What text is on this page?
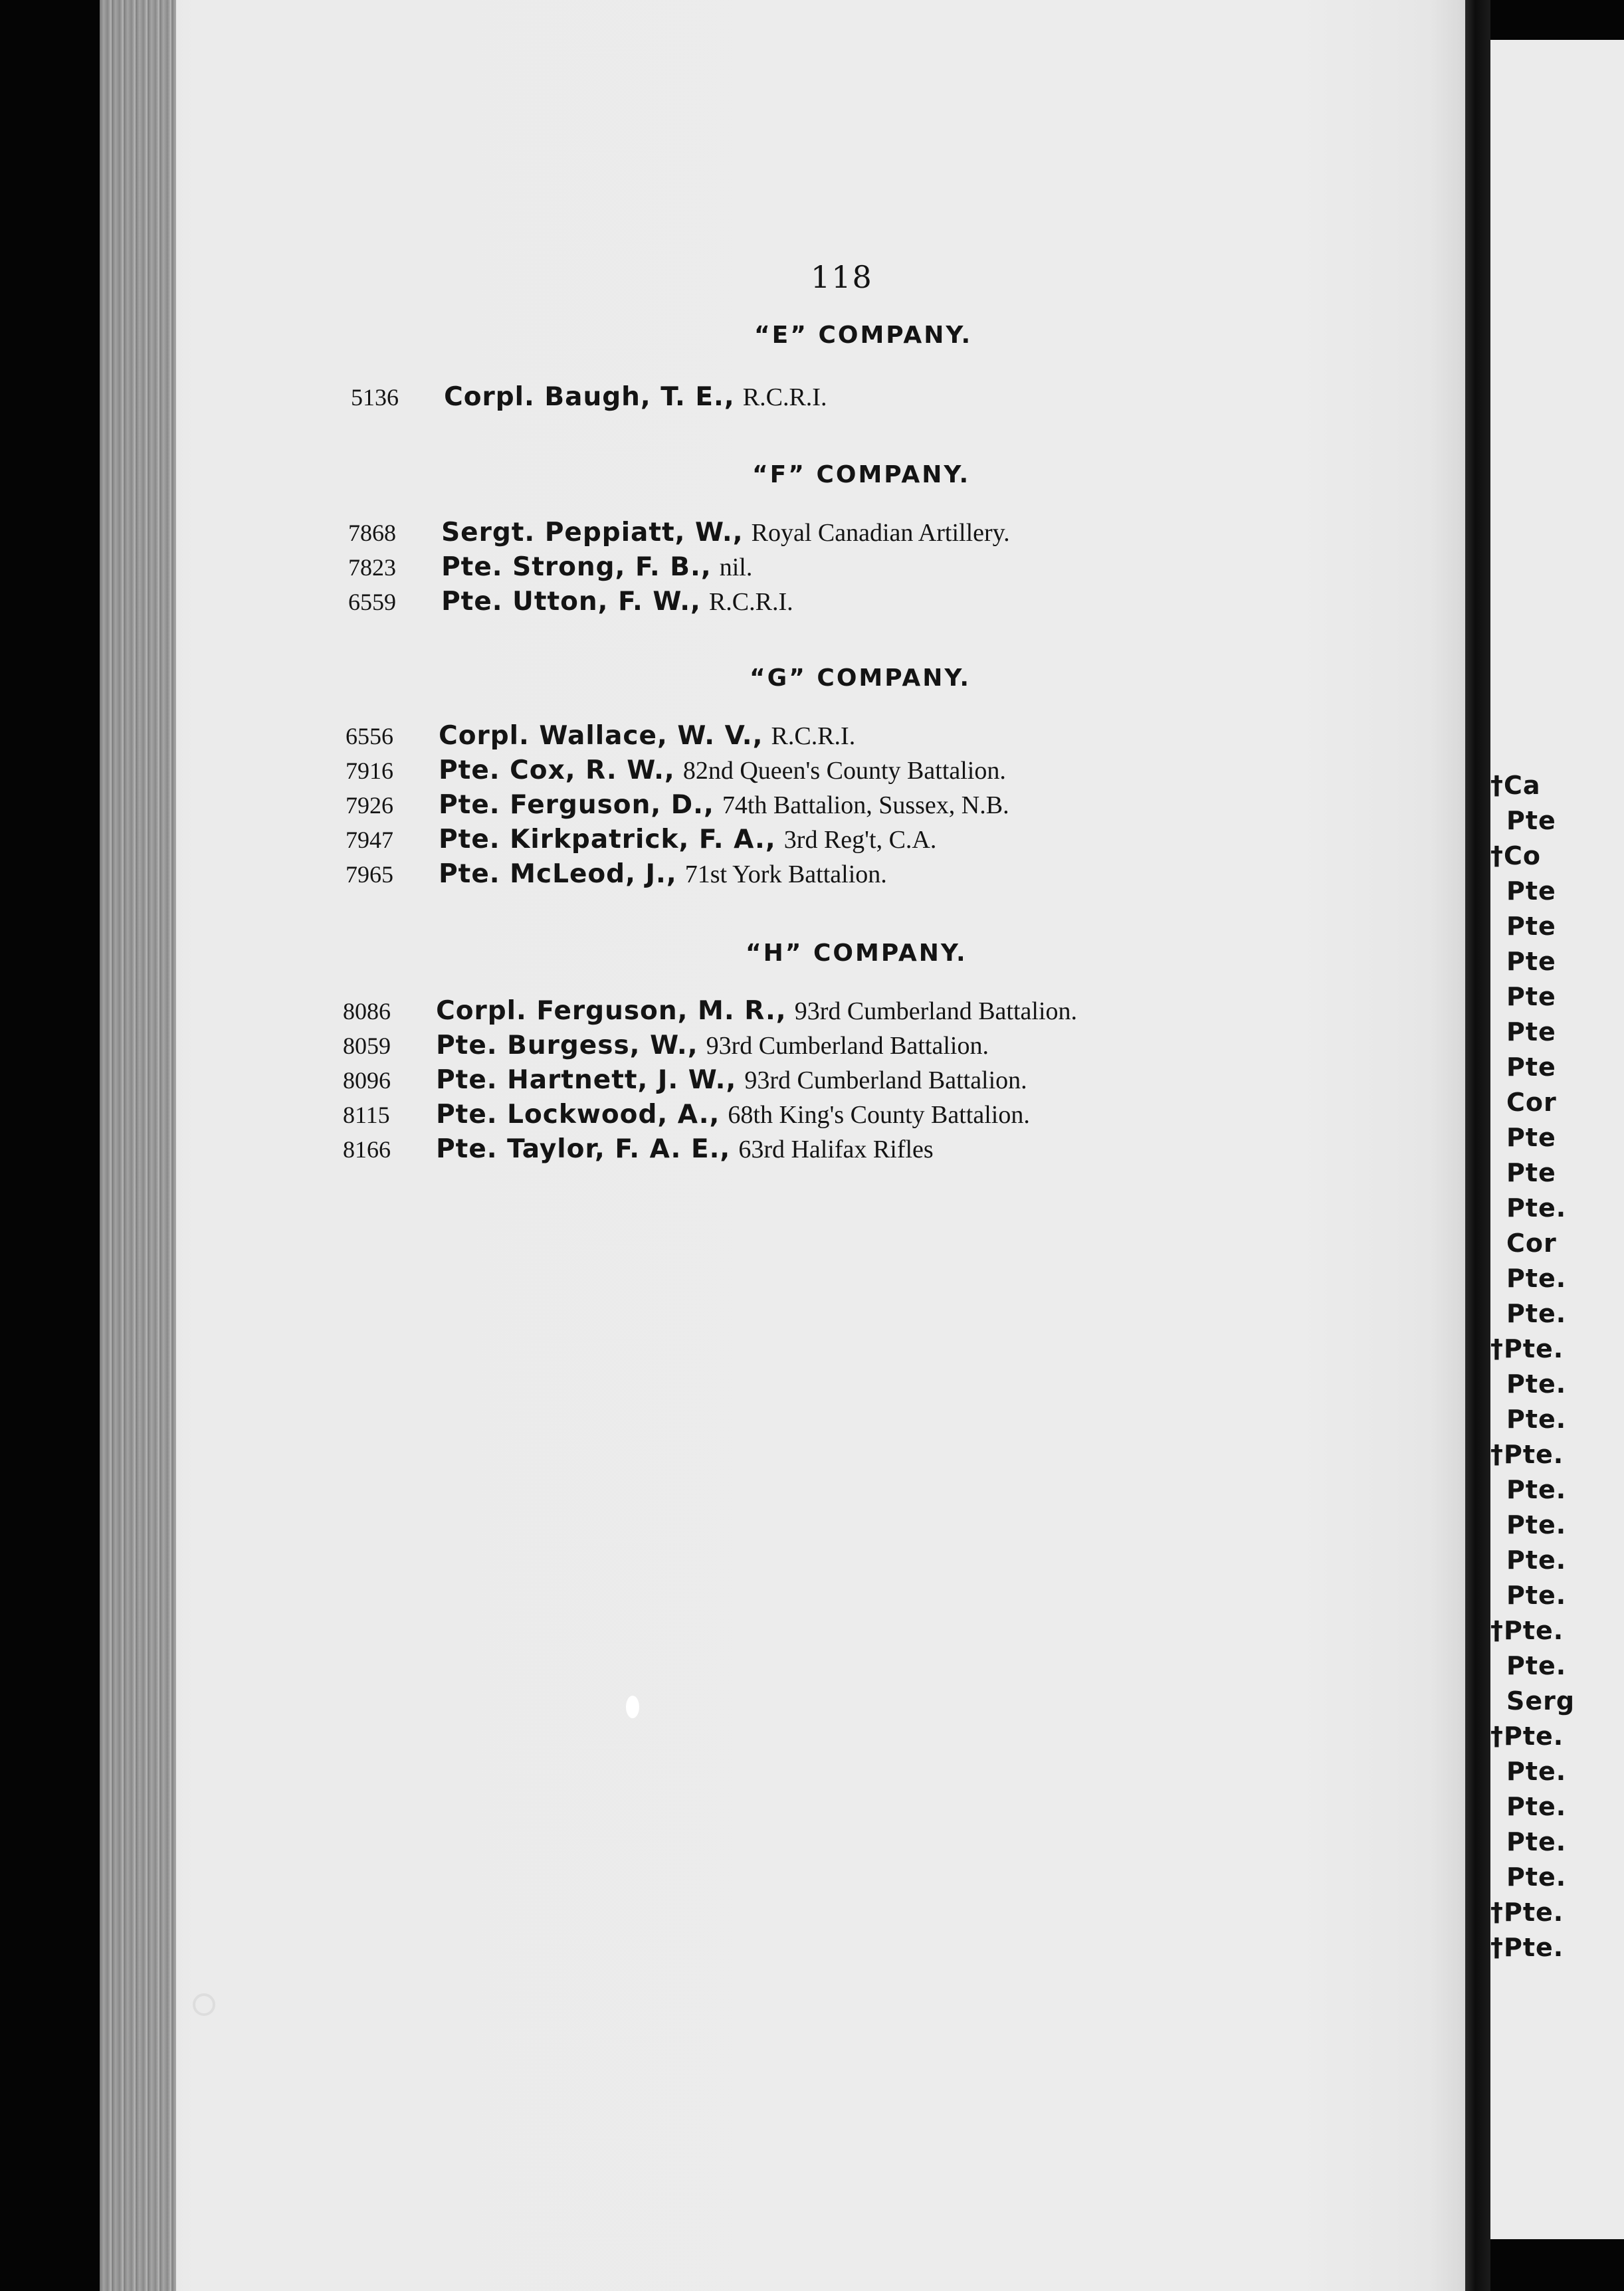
†Ca
Pte
†Co
Pte
Pte
Pte
Pte
Pte
Pte
Cor
Pte
Pte
Pte.
Cor
Pte.
Pte.
†Pte.
Pte.
Pte.
†Pte.
Pte.
Pte.
Pte.
Pte.
†Pte.
Pte.
Serg
†Pte.
Pte.
Pte.
Pte.
Pte.
†Pte.
†Pte.
118
“E” COMPANY.
5136 Corpl. Baugh, T. E., R.C.R.I.
“F” COMPANY.
7868 Sergt. Peppiatt, W., Royal Canadian Artillery.
7823 Pte. Strong, F. B., nil.
6559 Pte. Utton, F. W., R.C.R.I.
“G” COMPANY.
6556 Corpl. Wallace, W. V., R.C.R.I.
7916 Pte. Cox, R. W., 82nd Queen's County Battalion.
7926 Pte. Ferguson, D., 74th Battalion, Sussex, N.B.
7947 Pte. Kirkpatrick, F. A., 3rd Reg't, C.A.
7965 Pte. McLeod, J., 71st York Battalion.
“H” COMPANY.
8086 Corpl. Ferguson, M. R., 93rd Cumberland Battalion.
8059 Pte. Burgess, W., 93rd Cumberland Battalion.
8096 Pte. Hartnett, J. W., 93rd Cumberland Battalion.
8115 Pte. Lockwood, A., 68th King's County Battalion.
8166 Pte. Taylor, F. A. E., 63rd Halifax Rifles
